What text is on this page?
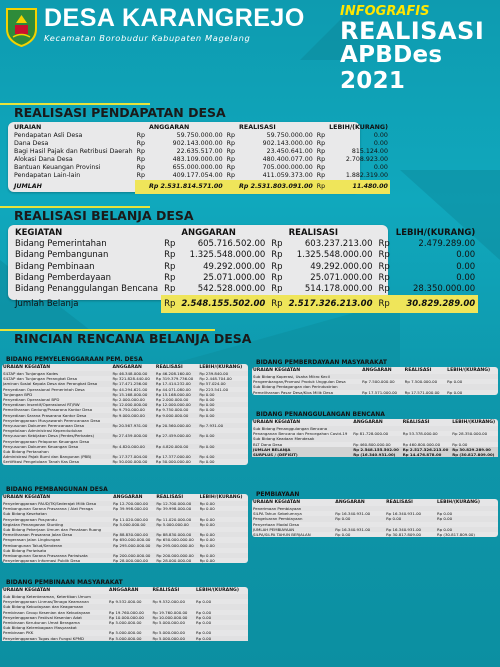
DESA KARANGREJO
Kecamatan Borobudur Kabupaten Magelang
INFOGRAFIS
REALISASI
APBDes 2021
REALISASI PENDAPATAN DESA
URAIAN		ANGGARAN		REALISASI		LEBIH/(KURANG)
Pendapatan Asli Desa	Rp	59.750.000.00	Rp	59.750.000.00	Rp	0.00
Dana Desa	Rp	902.143.000.00	Rp	902.143.000.00	Rp	0.00
Bagi Hasil Pajak dan Retribusi Daerah	Rp	22.635.517.00	Rp	23.450.641.00	Rp	815.124.00
Alokasi Dana Desa	Rp	483.109.000.00	Rp	480.400.077.00	Rp	2.708.923.00
Bantuan Keuangan Provinsi	Rp	655.000.000.00	Rp	705.000.000.00	Rp	0.00
Pendapatan Lain-lain	Rp	409.177.054.00	Rp	411.059.373.00	Rp	1.882.319.00
JUMLAH		Rp 2.531.814.571.00		Rp 2.531.803.091.00	Rp	11.480.00
REALISASI BELANJA DESA
KEGIATAN		ANGGARAN		REALISASI		LEBIH/(KURANG)
Bidang Pemerintahan	Rp	605.716.502.00	Rp	603.237.213.00	Rp	2.479.289.00
Bidang Pembangunan	Rp	1.325.548.000.00	Rp	1.325.548.000.00	Rp	0.00
Bidang Pembinaan	Rp	49.292.000.00	Rp	49.292.000.00	Rp	0.00
Bidang Pemberdayaan	Rp	25.071.000.00	Rp	25.071.000.00	Rp	0.00
Bidang Penanggulangan Bencana	Rp	542.528.000.00	Rp	514.178.000.00	Rp	28.350.000.00
Jumlah Belanja	Rp	2.548.155.502.00	Rp	2.517.326.213.00	Rp	30.829.289.00
RINCIAN RENCANA BELANJA DESA
BIDANG PEMYELENGGARAAN PEM. DESA
URAIAN KEGIATAN	ANGGARAN	REALISASI	LEBIH/(KURANG)
SILTAP dan Tunjangan Kades	Rp 46.348.000.00	Rp 46.208.160.00	Rp 239.840.00
SILTAP dan Tunjangan Perangkat Desa	Rp 321.828.440.00	Rp 319.379.736.00	Rp 2.448.704.00
Jaminan Sosial Kepala Desa dan Perangkat Desa	Rp 17.471.256.00	Rp 17.414.232.00	Rp 57.024.00
Penyediaan Operasional Pemerintah Desa	Rp 44.294.621.00	Rp 44.071.080.00	Rp 223.541.00
Tunjangan BPD	Rp 15.168.000.00	Rp 15.168.000.00	Rp 0.00
Penyediaan Operasional BPD	Rp 2.000.000.00	Rp 2.000.000.00	Rp 0.00
Penyediaan Insentif/Operasional RT/RW	Rp 12.000.000.00	Rp 12.000.000.00	Rp 0.00
Pemeliharaan Gedung/Prasarana Kantor Desa	Rp 9.750.000.00	Rp 9.750.000.00	Rp 0.00
Penyediaan Sarana Prasarana Kantor Desa	Rp 9.000.000.00	Rp 9.000.000.00	Rp 0.00
Penyelenggaraan Musyawarah Perencanaan Desa			
Penyusunan Dokumen Perencanaan Desa	Rp 20.567.931.00	Rp 20.560.000.00	Rp 7.931.00
Pengelolaan Administrasi Kependudukan			
Penyusunan Kebijakan Desa (Perdes/Perkades)	Rp 27.459.000.00	Rp 27.459.000.00	Rp 0.00
Penyelenggaraan Pelaporan Keuangan Desa			
Penyusunan Dokumen Keuangan Desa	Rp 4.820.000.00	Rp 4.820.000.00	Rp 0.00
Sub Bidang Pertanahan			
Administrasi Pajak Bumi dan Bangunan (PBB)	Rp 17.377.004.00	Rp 17.377.000.00	Rp 4.00
Sertifikasi Pengelolaan Tanah Kas Desa	Rp 50.000.000.00	Rp 50.000.000.00	Rp 0.00
BIDANG PEMBANGUNAN DESA
URAIAN KEGIATAN	ANGGARAN	REALISASI	LEBIH/(KURANG)
Penyelenggaraan PAUD/TK/Sederajat Milik Desa	Rp 12.700.000.00	Rp 12.700.000.00	Rp 0.00
Pembangunan Sarana Prasarana / Alat Peraga	Rp 39.998.000.00	Rp 39.998.000.00	Rp 0.00
Sub Bidang Kesehatan			
Penyelenggaraan Posyandu	Rp 11.020.000.00	Rp 11.020.000.00	Rp 0.00
Kegiatan Penanganan Stunting	Rp 5.000.000.00	Rp 5.000.000.00	Rp 0.00
Sub Bidang Pekerjaan Umum dan Penataan Ruang			
Pemeliharaan Prasarana Jalan Desa	Rp 88.830.000.00	Rp 88.830.000.00	Rp 0.00
Pengerasan Jalan Lingkungan	Rp 650.000.000.00	Rp 650.000.000.00	Rp 0.00
Pembangunan Talud/Senderan	Rp 295.000.000.00	Rp 295.000.000.00	Rp 0.00
Sub Bidang Pariwisata			
Pembangunan Sarana Prasarana Pariwisata	Rp 200.000.000.00	Rp 200.000.000.00	Rp 0.00
Penyelenggaraan Informasi Publik Desa	Rp 28.000.000.00	Rp 28.000.000.00	Rp 0.00
BIDANG PEMBINAAN MASYARAKAT
URAIAN KEGIATAN	ANGGARAN	REALISASI	LEBIH/(KURANG)
Sub Bidang Ketenteraman, Ketertiban Umum			
Penyelenggaraan Linmas/Tenaga Keamanan	Rp 9.532.000.00	Rp 9.532.000.00	Rp 0.00
Sub Bidang Kebudayaan dan Keagamaan			
Pembinaan Group Kesenian dan Kebudayaan	Rp 19.760.000.00	Rp 19.760.000.00	Rp 0.00
Penyelenggaraan Festival Kesenian Adat	Rp 10.000.000.00	Rp 10.000.000.00	Rp 0.00
Pembinaan Kerukunan Umat Beragama	Rp 5.000.000.00	Rp 5.000.000.00	Rp 0.00
Sub Bidang Kelembagaan Masyarakat			
Pembinaan PKK	Rp 5.000.000.00	Rp 5.000.000.00	Rp 0.00
Penyelenggaraan Tugas dan Fungsi KPMD	Rp 5.000.000.00	Rp 5.000.000.00	Rp 0.00
BIDANG PEMBERDAYAAN MASYARAKAT
URAIAN KEGIATAN	ANGGARAN	REALISASI	LEBIH/(KURANG)
Sub Bidang Koperasi, Usaha Mikro Kecil			
Pengembangan/Promosi Produk Unggulan Desa	Rp 7.500.000.00	Rp 7.500.000.00	Rp 0.00
Sub Bidang Perdagangan dan Perindustrian			
Pemeliharaan Pasar Desa/Kios Milik Desa	Rp 17.571.000.00	Rp 17.571.000.00	Rp 0.00
BIDANG PENANGGULANGAN BENCANA
URAIAN KEGIATAN	ANGGARAN	REALISASI	LEBIH/(KURANG)
Sub Bidang Penanggulangan Bencana			
Penanganan Bencana dan Pencegahan Covid-19	Rp 81.728.000.00	Rp 53.378.000.00	Rp 28.350.000.00
Sub Bidang Keadaan Mendesak			
BLT Dana Desa	Rp 460.800.000.00	Rp 460.800.000.00	Rp 0.00
JUMLAH BELANJA	Rp 2.548.155.502.00	Rp 2.517.326.213.00	Rp 30.829.289.00
SURPLUS / (DEFISIT)	Rp (16.340.931.00)	Rp 14.476.878.00	Rp (30.817.809.00)
PEMBIAYAAN
URAIAN KEGIATAN	ANGGARAN	REALISASI	LEBIH/(KURANG)
Penerimaan Pembiayaan			
SILPA Tahun Sebelumnya	Rp 16.340.931.00	Rp 16.340.931.00	Rp 0.00
Pengeluaran Pembiayaan	Rp 0.00	Rp 0.00	Rp 0.00
Penyertaan Modal Desa			
JUMLAH PEMBIAYAAN	Rp 16.340.931.00	Rp 16.340.931.00	Rp 0.00
SILPA/SiLPA TAHUN BERJALAN	Rp 0.00	Rp 30.817.809.00	Rp (30.817.809.00)
